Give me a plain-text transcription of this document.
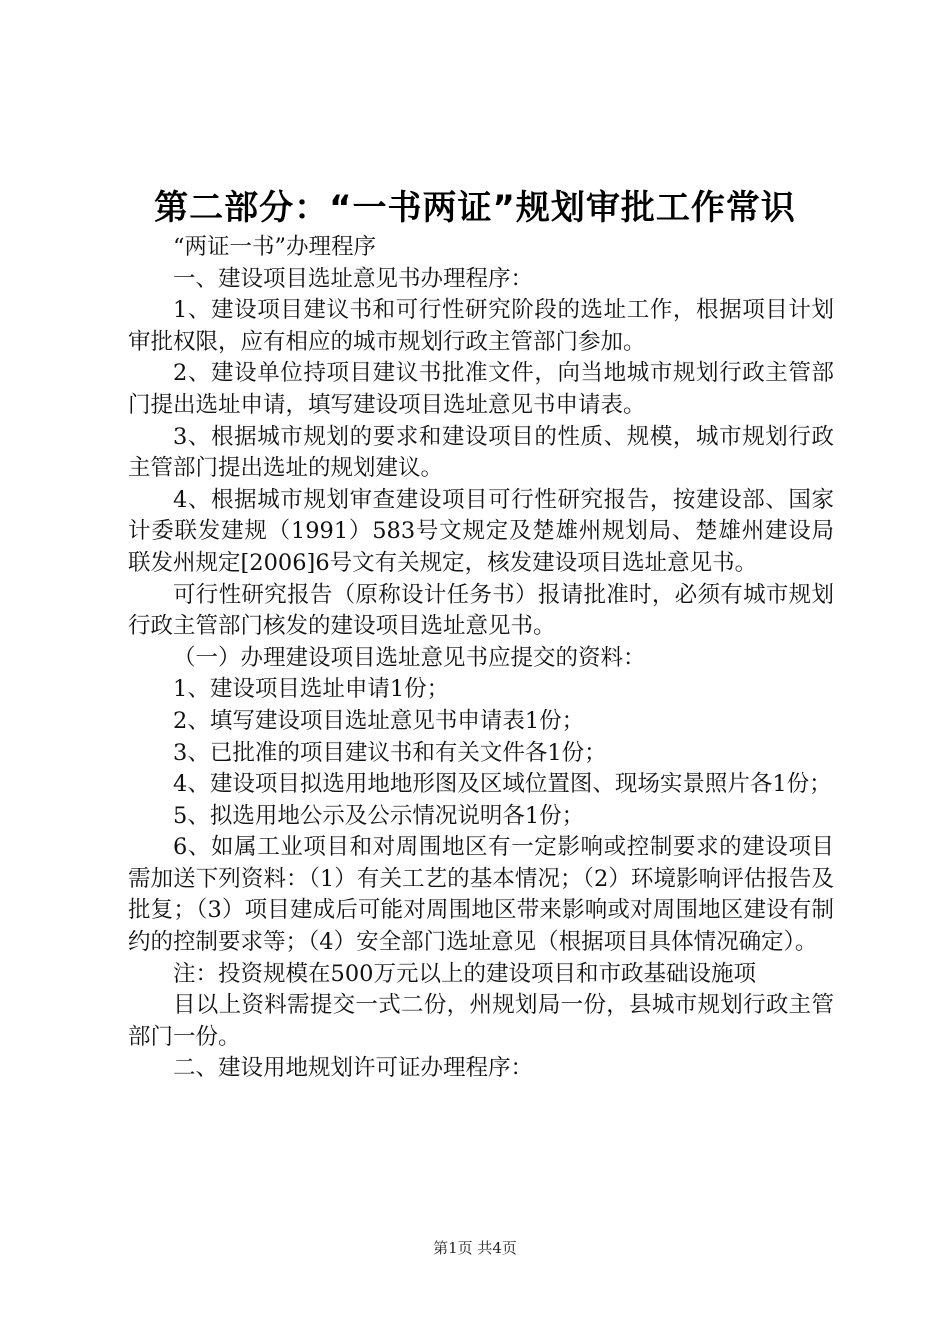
第二部分：“一书两证”规划审批工作常识

“两证一书”办理程序

一、建设项目选址意见书办理程序：

1、建设项目建议书和可行性研究阶段的选址工作，根据项目计划审批权限，应有相应的城市规划行政主管部门参加。

2、建设单位持项目建议书批准文件，向当地城市规划行政主管部门提出选址申请，填写建设项目选址意见书申请表。

3、根据城市规划的要求和建设项目的性质、规模，城市规划行政主管部门提出选址的规划建议。

4、根据城市规划审查建设项目可行性研究报告，按建设部、国家计委联发建规（1991）583号文规定及楚雄州规划局、楚雄州建设局联发州规定[2006]6号文有关规定，核发建设项目选址意见书。

可行性研究报告（原称设计任务书）报请批准时，必须有城市规划行政主管部门核发的建设项目选址意见书。

（一）办理建设项目选址意见书应提交的资料：

1、建设项目选址申请1份；

2、填写建设项目选址意见书申请表1份；

3、已批准的项目建议书和有关文件各1份；

4、建设项目拟选用地地形图及区域位置图、现场实景照片各1份；

5、拟选用地公示及公示情况说明各1份；

6、如属工业项目和对周围地区有一定影响或控制要求的建设项目需加送下列资料：（1）有关工艺的基本情况；（2）环境影响评估报告及批复；（3）项目建成后可能对周围地区带来影响或对周围地区建设有制约的控制要求等；（4）安全部门选址意见（根据项目具体情况确定）。

注：投资规模在500万元以上的建设项目和市政基础设施项

目以上资料需提交一式二份，州规划局一份，县城市规划行政主管部门一份。

二、建设用地规划许可证办理程序：

第1页 共4页
